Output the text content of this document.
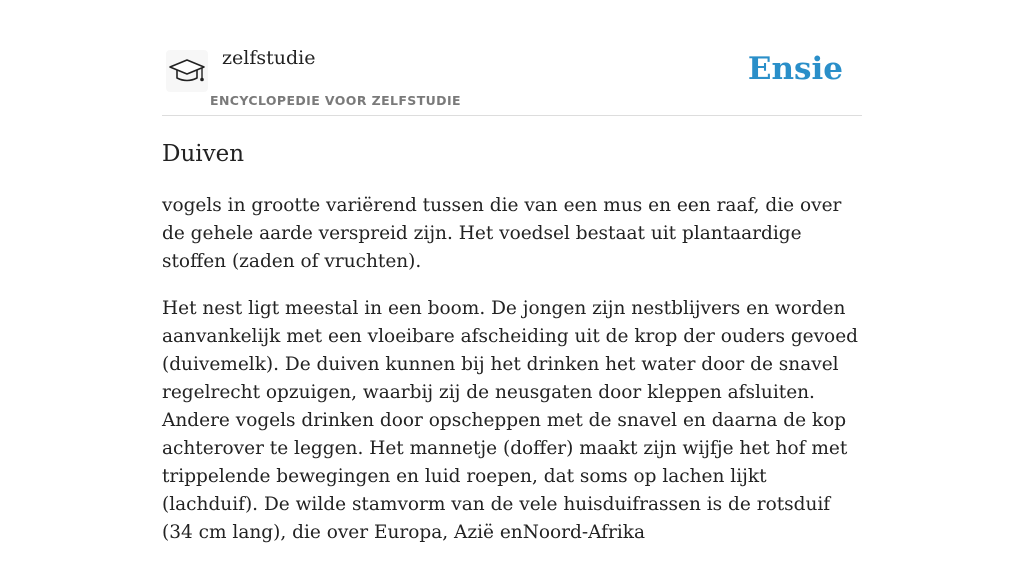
zelfstudie
ENCYCLOPEDIE VOOR ZELFSTUDIE
Ensie
Duiven

vogels in grootte variërend tussen die van een mus en een raaf, die over de gehele aarde verspreid zijn. Het voedsel bestaat uit plantaardige stoffen (zaden of vruchten).

Het nest ligt meestal in een boom. De jongen zijn nestblijvers en worden aanvankelijk met een vloeibare afscheiding uit de krop der ouders gevoed (duivemelk). De duiven kunnen bij het drinken het water door de snavel regelrecht opzuigen, waarbij zij de neusgaten door kleppen afsluiten. Andere vogels drinken door opscheppen met de snavel en daarna de kop achterover te leggen. Het mannetje (doffer) maakt zijn wijfje het hof met trippelende bewegingen en luid roepen, dat soms op lachen lijkt (lachduif). De wilde stamvorm van de vele huisduifrassen is de rotsduif (34 cm lang), die over Europa, Azië enNoord-Afrika
